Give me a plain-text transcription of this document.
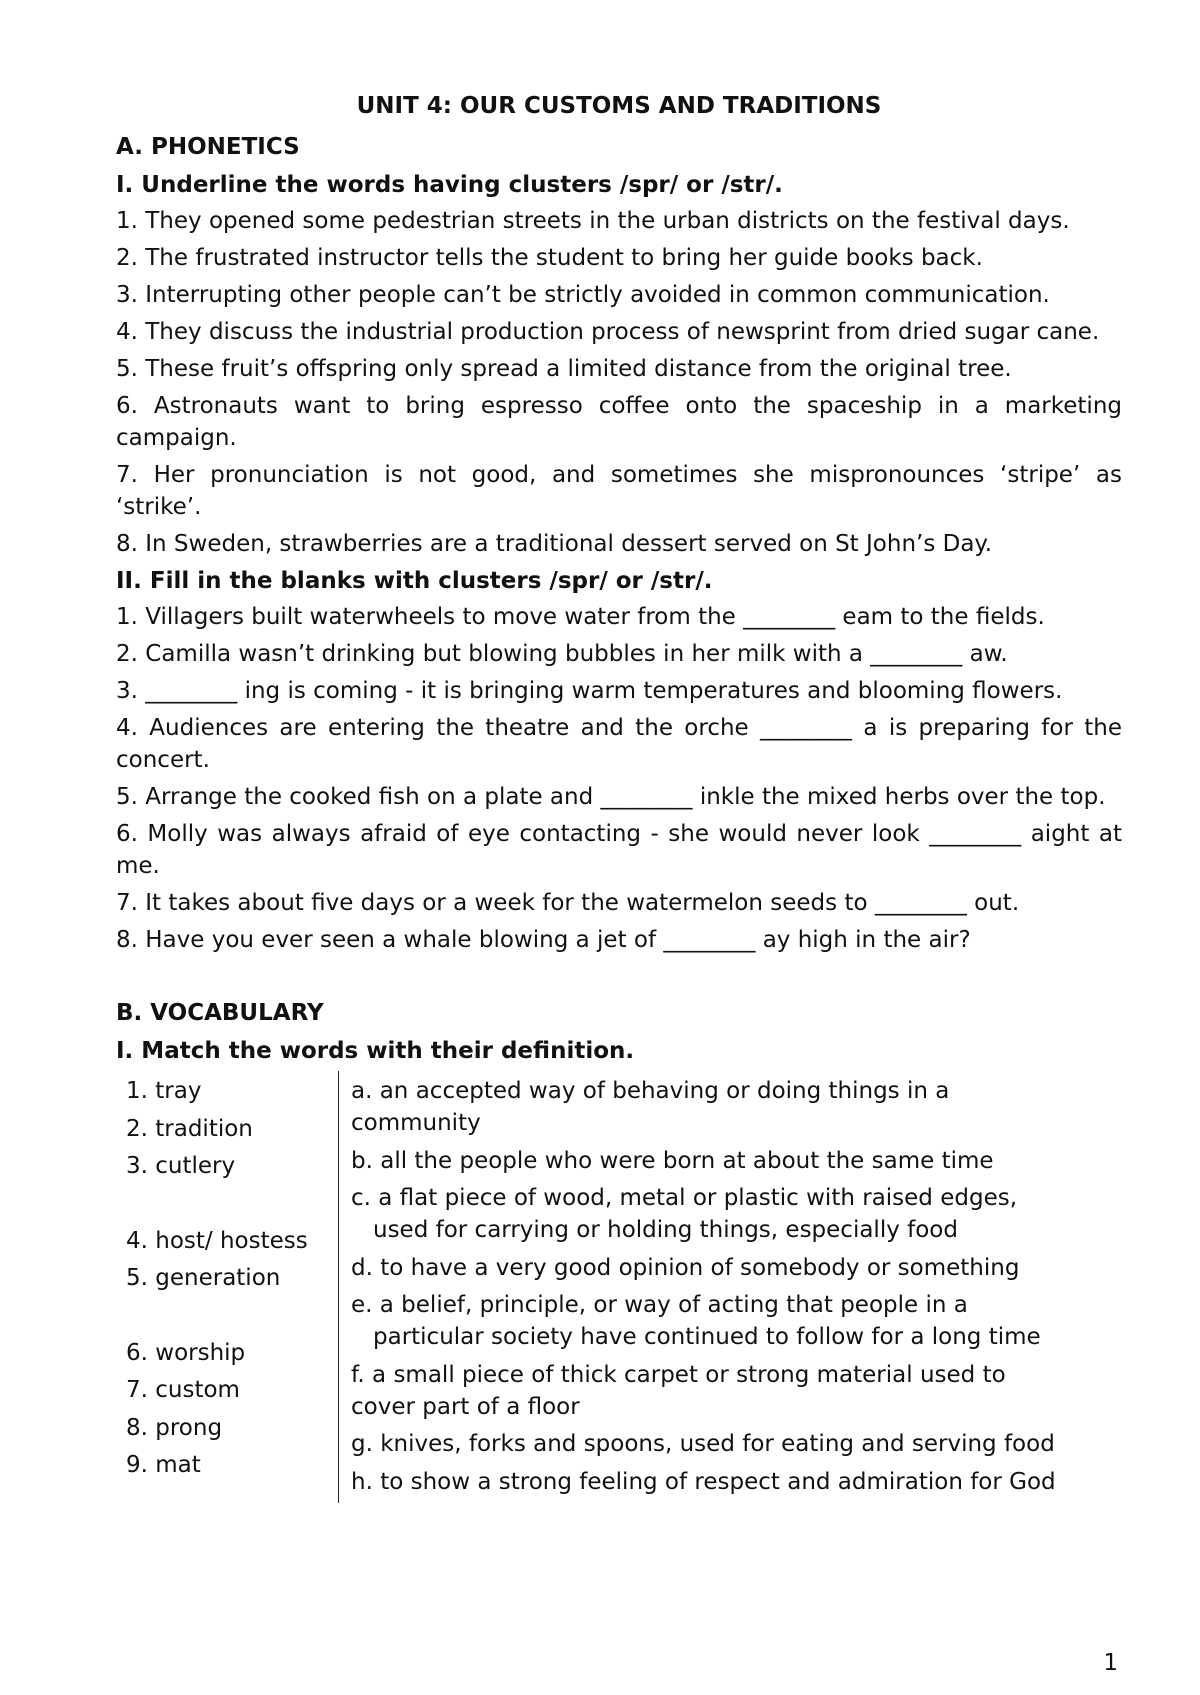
UNIT 4: OUR CUSTOMS AND TRADITIONS
A. PHONETICS
I. Underline the words having clusters /spr/ or /str/.
1. They opened some pedestrian streets in the urban districts on the festival days.
2. The frustrated instructor tells the student to bring her guide books back.
3. Interrupting other people can’t be strictly avoided in common communication.
4. They discuss the industrial production process of newsprint from dried sugar cane.
5. These fruit’s offspring only spread a limited distance from the original tree.
6. Astronauts want to bring espresso coffee onto the spaceship in a marketing campaign.
7. Her pronunciation is not good, and sometimes she mispronounces ‘stripe’ as ‘strike’.
8. In Sweden, strawberries are a traditional dessert served on St John’s Day.
II. Fill in the blanks with clusters /spr/ or /str/.
1. Villagers built waterwheels to move water from the ________ eam to the fields.
2. Camilla wasn’t drinking but blowing bubbles in her milk with a ________ aw.
3. ________ ing is coming - it is bringing warm temperatures and blooming flowers.
4. Audiences are entering the theatre and the orche ________ a is preparing for the concert.
5. Arrange the cooked fish on a plate and ________ inkle the mixed herbs over the top.
6. Molly was always afraid of eye contacting - she would never look ________ aight at me.
7. It takes about five days or a week for the watermelon seeds to ________ out.
8. Have you ever seen a whale blowing a jet of ________ ay high in the air?
B. VOCABULARY
I. Match the words with their definition.
1. tray
2. tradition
3. cutlery
4. host/ hostess
5. generation
6. worship
7. custom
8. prong
9. mat
a. an accepted way of behaving or doing things in a
community
b. all the people who were born at about the same time
c. a flat piece of wood, metal or plastic with raised edges,
used for carrying or holding things, especially food
d. to have a very good opinion of somebody or something
e. a belief, principle, or way of acting that people in a
particular society have continued to follow for a long time
f. a small piece of thick carpet or strong material used to
cover part of a floor
g. knives, forks and spoons, used for eating and serving food
h. to show a strong feeling of respect and admiration for God
1
